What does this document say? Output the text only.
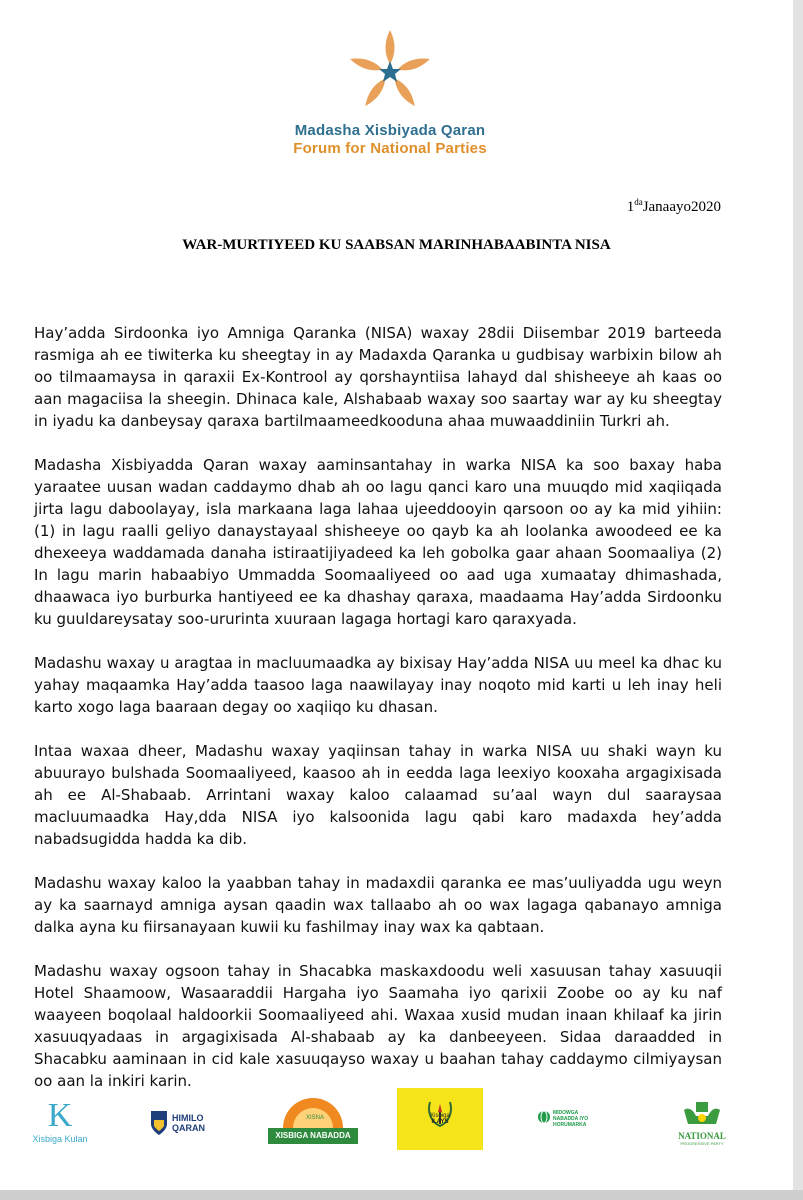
Madasha Xisbiyada Qaran
Forum for National Parties
$1^{da}Janaayo2020$
WAR-MURTIYEED KU SAABSAN MARINHABAABINTA NISA

Hay’adda Sirdoonka iyo Amniga Qaranka (NISA) waxay 28dii Diisembar 2019 barteeda rasmiga ah ee tiwiterka ku sheegtay in ay Madaxda Qaranka u gudbisay warbixin bilow ah oo tilmaamaysa in qaraxii Ex-Kontrool ay qorshayntiisa lahayd dal shisheeye ah kaas oo aan magaciisa la sheegin. Dhinaca kale, Alshabaab waxay soo saartay war ay ku sheegtay in iyadu ka danbeysay qaraxa bartilmaameedkooduna ahaa muwaaddiniin Turkri ah.

Madasha Xisbiyadda Qaran waxay aaminsantahay in warka NISA ka soo baxay haba yaraatee uusan wadan caddaymo dhab ah oo lagu qanci karo una muuqdo mid xaqiiqada jirta lagu daboolayay, isla markaana laga lahaa ujeeddooyin qarsoon oo ay ka mid yihiin: (1) in lagu raalli geliyo danaystayaal shisheeye oo qayb ka ah loolanka awoodeed ee ka dhexeeya waddamada danaha istiraatijiyadeed ka leh gobolka gaar ahaan Soomaaliya (2) In lagu marin habaabiyo Ummadda Soomaaliyeed oo aad uga xumaatay dhimashada, dhaawaca iyo burburka hantiyeed ee ka dhashay qaraxa, maadaama Hay’adda Sirdoonku ku guuldareysatay soo-ururinta xuuraan lagaga hortagi karo qaraxyada.

Madashu waxay u aragtaa in macluumaadka ay bixisay Hay’adda NISA uu meel ka dhac ku yahay maqaamka Hay’adda taasoo laga naawilayay inay noqoto mid karti u leh inay heli karto xogo laga baaraan degay oo xaqiiqo ku dhasan.

Intaa waxaa dheer, Madashu waxay yaqiinsan tahay in warka NISA uu shaki wayn ku abuurayo bulshada Soomaaliyeed, kaasoo ah in eedda laga leexiyo kooxaha argagixisada ah ee Al-Shabaab. Arrintani waxay kaloo calaamad su’aal wayn dul saaraysaa macluumaadka Hay,dda NISA iyo kalsoonida lagu qabi karo madaxda hey’adda nabadsugidda hadda ka dib.

Madashu waxay kaloo la yaabban tahay in madaxdii qaranka ee mas’uuliyadda ugu weyn ay ka saarnayd amniga aysan qaadin wax tallaabo ah oo wax lagaga qabanayo amniga dalka ayna ku fiirsanayaan kuwii ku fashilmay inay wax ka qabtaan.

Madashu waxay ogsoon tahay in Shacabka maskaxdoodu weli xasuusan tahay xasuuqii Hotel Shaamoow, Wasaaraddii Hargaha iyo Saamaha iyo qarixii Zoobe oo ay ku naf waayeen boqolaal haldoorkii Soomaaliyeed ahi. Waxaa xusid mudan inaan khilaaf ka jirin xasuuqyadaas in argagixisada Al-shabaab ay ka danbeeyeen. Sidaa daraadded in Shacabku aaminaan in cid kale xasuuqayso waxay u baahan tahay caddaymo cilmiyaysan oo aan la inkiri karin.

K
Xisbiga Kulan
HIMILO
QARAN
XISNA
XISBIGA NABADDA
Xisbiga
ILAYS
MIDOWGA
NABADDA IYO
HORUMARKA
NATIONAL
PROGRESSIVE PARTY
